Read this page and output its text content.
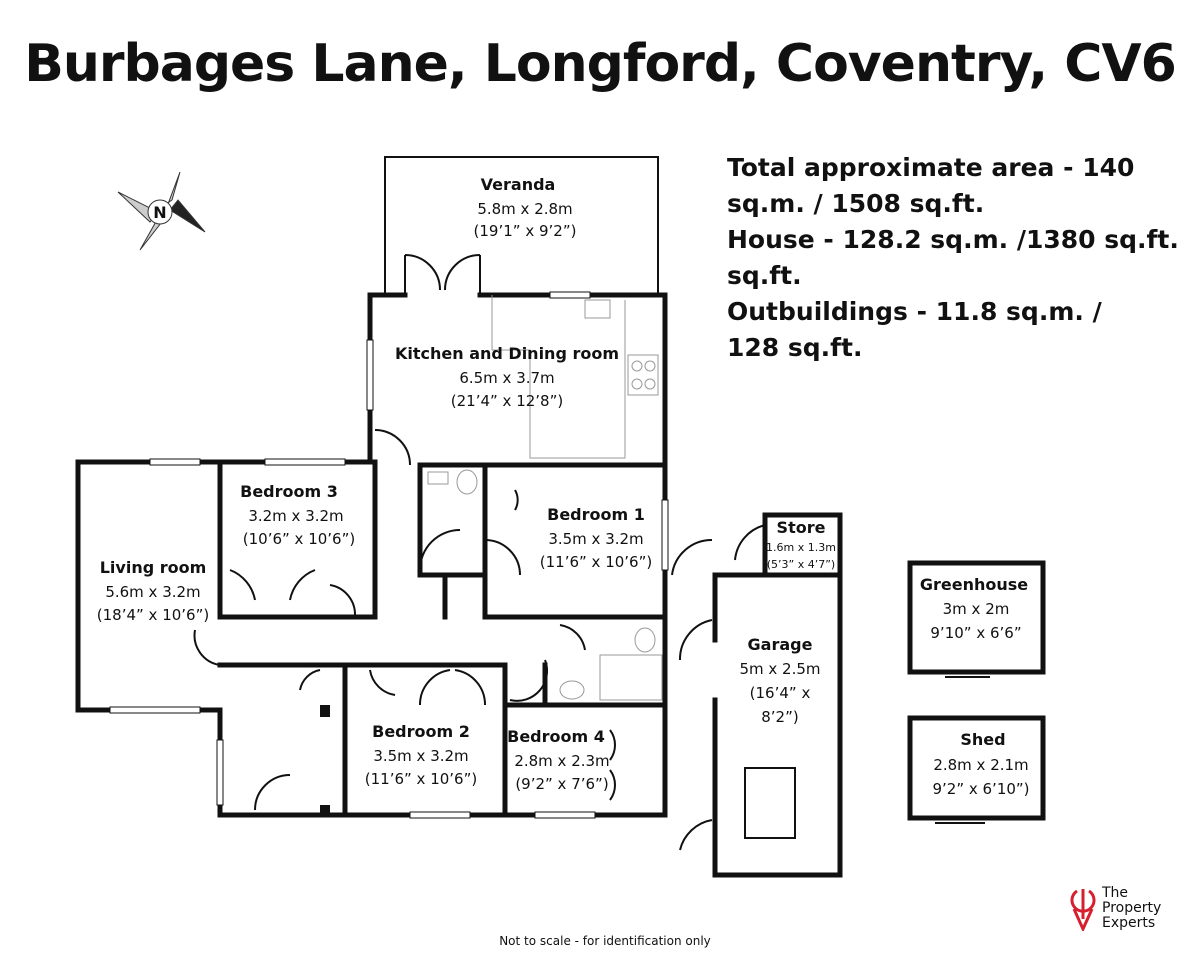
Burbages Lane, Longford, Coventry, CV6
Total approximate area - 140
sq.m. / 1508 sq.ft.
House - 128.2 sq.m. /1380 sq.ft.
sq.ft.
Outbuildings - 11.8 sq.m. /
128 sq.ft.
N
Veranda
5.8m x 2.8m
(19’1” x 9’2”)
Kitchen and Dining room
6.5m x 3.7m
(21’4” x 12’8”)
Bedroom 1
3.5m x 3.2m
(11’6” x 10’6”)
Bedroom 3
3.2m x 3.2m
(10’6” x 10’6”)
Living room
5.6m x 3.2m
(18’4” x 10’6”)
Bedroom 2
3.5m x 3.2m
(11’6” x 10’6”)
Bedroom 4
2.8m x 2.3m
(9’2” x 7’6”)
Store
1.6m x 1.3m
(5’3” x 4’7”)
Garage
5m x 2.5m
(16’4” x
8’2”)
Greenhouse
3m x 2m
9’10” x 6’6”
Shed
2.8m x 2.1m
9’2” x 6’10”)
Not to scale - for identification only
The
Property
Experts
